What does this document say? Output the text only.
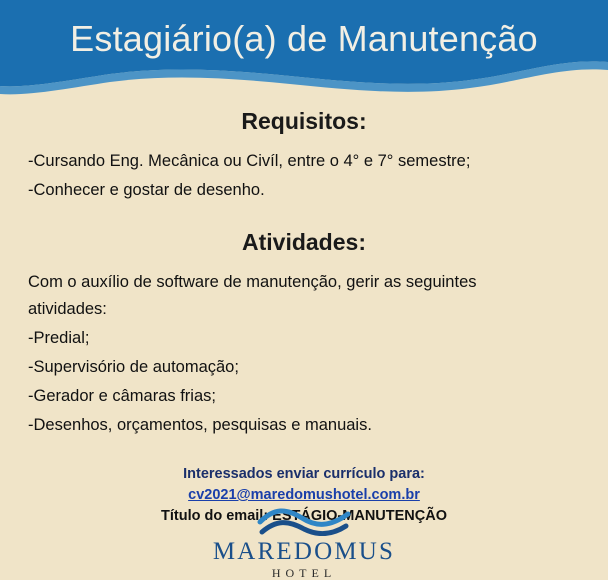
Estagiário(a) de Manutenção
Requisitos:

-Cursando Eng. Mecânica ou Civíl, entre o 4° e 7° semestre;

-Conhecer e gostar de desenho.

Atividades:

Com o auxílio de software de manutenção, gerir as seguintes

atividades:

-Predial;

-Supervisório de automação;

-Gerador e câmaras frias;

-Desenhos, orçamentos, pesquisas e manuais.

Interessados enviar currículo para:
cv2021@maredomushotel.com.br
Título do email: ESTÁGIO-MANUTENÇÃO
MAREDOMUS
HOTEL
